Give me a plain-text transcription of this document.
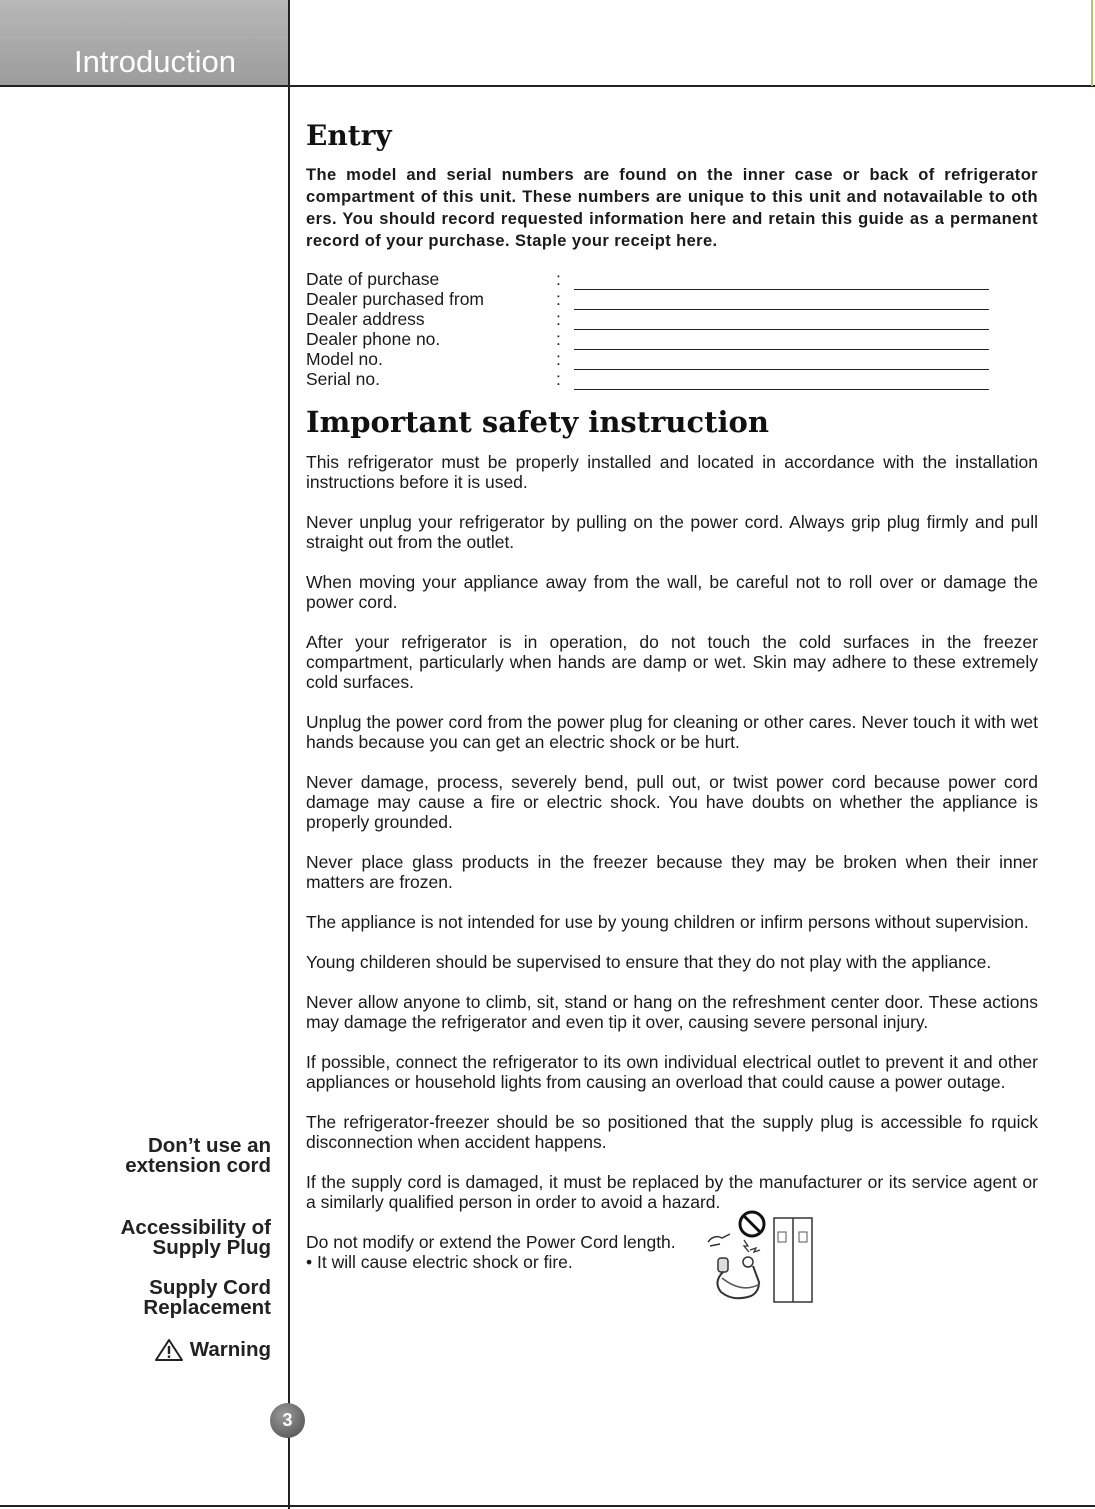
Introduction
Entry

The model and serial numbers are found on the inner case or back of refrigerator compartment of this unit. These numbers are unique to this unit and notavailable to oth ers. You should record requested information here and retain this guide as a permanent record of your purchase. Staple your receipt here.

Date of purchase	:
Dealer purchased from	:
Dealer address	:
Dealer phone no.	:
Model no.	:
Serial no.	:
Important safety instruction

This refrigerator must be properly installed and located in accordance with the installation instructions before it is used.

Never unplug your refrigerator by pulling on the power cord. Always grip plug firmly and pull straight out from the outlet.

When moving your appliance away from the wall, be careful not to roll over or damage the power cord.

After your refrigerator is in operation, do not touch the cold surfaces in the freezer compartment, particularly when hands are damp or wet. Skin may adhere to these extremely cold surfaces.

Unplug the power cord from the power plug for cleaning or other cares. Never touch it with wet hands because you can get an electric shock or be hurt.

Never damage, process, severely bend, pull out, or twist power cord because power cord damage may cause a fire or electric shock. You have doubts on whether the appliance is properly grounded.

Never place glass products in the freezer because they may be broken when their inner matters are frozen.

The appliance is not intended for use by young children or infirm persons without supervision.

Young childeren should be supervised to ensure that they do not play with the appliance.

Never allow anyone to climb, sit, stand or hang on the refreshment center door. These actions may damage the refrigerator and even tip it over, causing severe personal injury.

If possible, connect the refrigerator to its own individual electrical outlet to prevent it and other appliances or household lights from causing an overload that could cause a power outage.

The refrigerator-freezer should be so positioned that the supply plug is accessible fo rquick disconnection when accident happens.

If the supply cord is damaged, it must be replaced by the manufacturer or its service agent or a similarly qualified person in order to avoid a hazard.

Do not modify or extend the Power Cord length.
• It will cause electric shock or fire.
Don’t use an
extension cord
Accessibility of
Supply Plug
Supply Cord
Replacement
Warning
3
